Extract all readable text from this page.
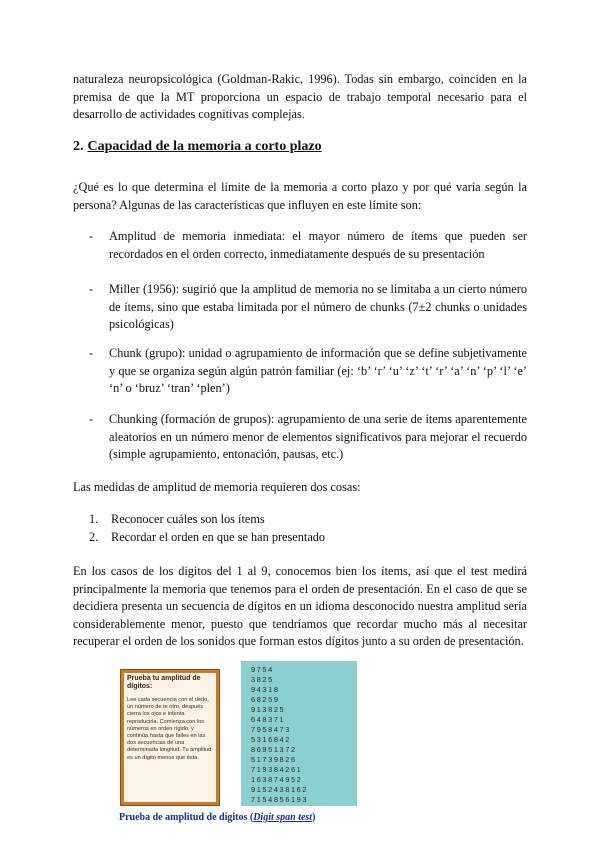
naturaleza neuropsicológica (Goldman-Rakic, 1996). Todas sin embargo, coinciden en la premisa de que la MT proporciona un espacio de trabajo temporal necesario para el desarrollo de actividades cognitivas complejas.

2. Capacidad de la memoria a corto plazo

¿Qué es lo que determina el límite de la memoria a corto plazo y por qué varía según la persona? Algunas de las características que influyen en este límite son:

- Amplitud de memoria inmediata: el mayor número de ítems que pueden ser recordados en el orden correcto, inmediatamente después de su presentación
- Miller (1956): sugirió que la amplitud de memoria no se limitaba a un cierto número de ítems, sino que estaba limitada por el número de chunks (7±2 chunks o unidades psicológicas)
- Chunk (grupo): unidad o agrupamiento de información que se define subjetivamente y que se organiza según algún patrón familiar (ej: ‘b’ ‘r’ ‘u’ ‘z’ ‘t’ ‘r’ ‘a’ ‘n’ ‘p’ ‘l’ ‘e’ ‘n’ o ‘bruz’ ‘tran’ ‘plen’)
- Chunking (formación de grupos): agrupamiento de una serie de ítems aparentemente aleatorios en un número menor de elementos significativos para mejorar el recuerdo (simple agrupamiento, entonación, pausas, etc.)

Las medidas de amplitud de memoria requieren dos cosas:

1. Reconocer cuáles son los ítems
2. Recordar el orden en que se han presentado

En los casos de los dígitos del 1 al 9, conocemos bien los ítems, así que el test medirá principalmente la memoria que tenemos para el orden de presentación. En el caso de que se decidiera presenta un secuencia de dígitos en un idioma desconocido nuestra amplitud sería considerablemente menor, puesto que tendríamos que recordar mucho más al necesitar recuperar el orden de los sonidos que forman estos dígitos junto a su orden de presentación.

Prueba tu amplitud de dígitos:
Lee cada secuencia con el dedo, un número de te otro, después cierra los ojos e intenta reproducirla. Comienza con los números en orden rígido, y continúa hasta que falles en las dos secuencias de una determinada longitud. Tu amplitud es un dígito menos que ésta.
9754
3825
94318
68259
913825
648371
7958473
5316842
86951372
51739826
719384261
163874952
9152438162
7154856193
Prueba de amplitud de dígitos (Digit span test)
